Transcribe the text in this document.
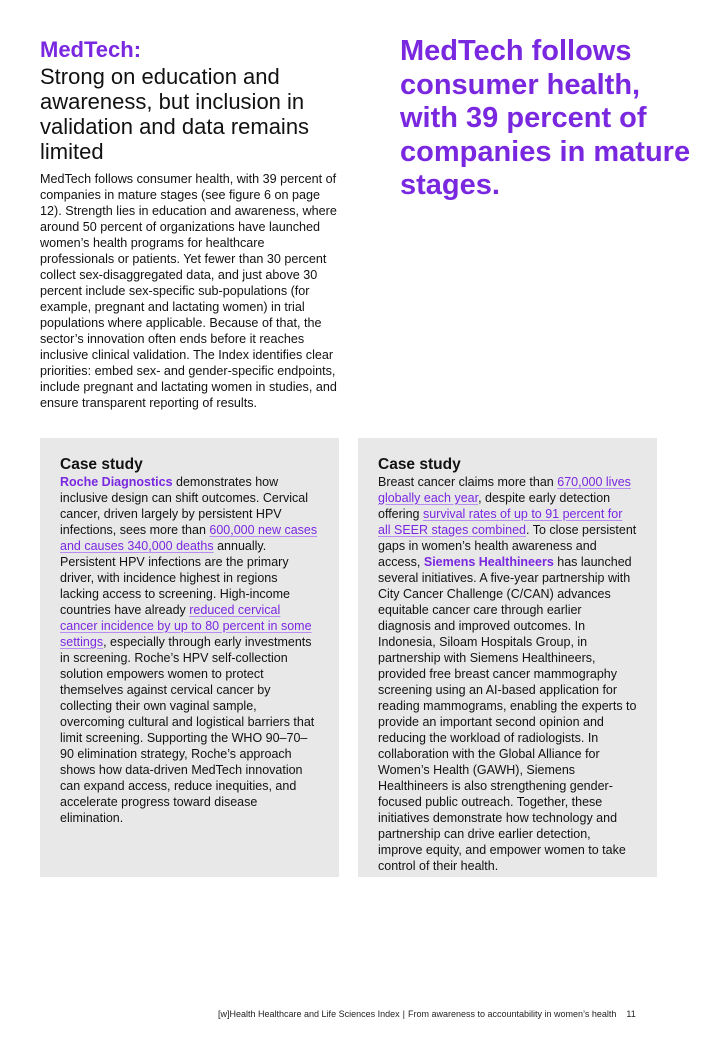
MedTech:
Strong on education and awareness, but inclusion in validation and data remains limited

MedTech follows consumer health, with 39 percent of companies in mature stages (see figure 6 on page 12). Strength lies in education and awareness, where around 50 percent of organizations have launched women’s health programs for healthcare professionals or patients. Yet fewer than 30 percent collect sex-disaggregated data, and just above 30 percent include sex-specific sub-populations (for example, pregnant and lactating women) in trial populations where applicable. Because of that, the sector’s innovation often ends before it reaches inclusive clinical validation. The Index identifies clear priorities: embed sex- and gender-specific endpoints, include pregnant and lactating women in studies, and ensure transparent reporting of results.

MedTech follows consumer health, with 39 percent of companies in mature stages.

Case study

Roche Diagnostics demonstrates how inclusive design can shift outcomes. Cervical cancer, driven largely by persistent HPV infections, sees more than 600,000 new cases and causes 340,000 deaths annually. Persistent HPV infections are the primary driver, with incidence highest in regions lacking access to screening. High-income countries have already reduced cervical cancer incidence by up to 80 percent in some settings, especially through early investments in screening. Roche’s HPV self-collection solution empowers women to protect themselves against cervical cancer by collecting their own vaginal sample, overcoming cultural and logistical barriers that limit screening. Supporting the WHO 90–70–90 elimination strategy, Roche’s approach shows how data-driven MedTech innovation can expand access, reduce inequities, and accelerate progress toward disease elimination.

Case study

Breast cancer claims more than 670,000 lives globally each year, despite early detection offering survival rates of up to 91 percent for all SEER stages combined. To close persistent gaps in women’s health awareness and access, Siemens Healthineers has launched several initiatives. A five-year partnership with City Cancer Challenge (C/CAN) advances equitable cancer care through earlier diagnosis and improved outcomes. In Indonesia, Siloam Hospitals Group, in partnership with Siemens Healthineers, provided free breast cancer mammography screening using an AI-based application for reading mammograms, enabling the experts to provide an important second opinion and reducing the workload of radiologists. In collaboration with the Global Alliance for Women’s Health (GAWH), Siemens Healthineers is also strengthening gender-focused public outreach. Together, these initiatives demonstrate how technology and partnership can drive earlier detection, improve equity, and empower women to take control of their health.

[w]Health Healthcare and Life Sciences Index | From awareness to accountability in women’s health 11
